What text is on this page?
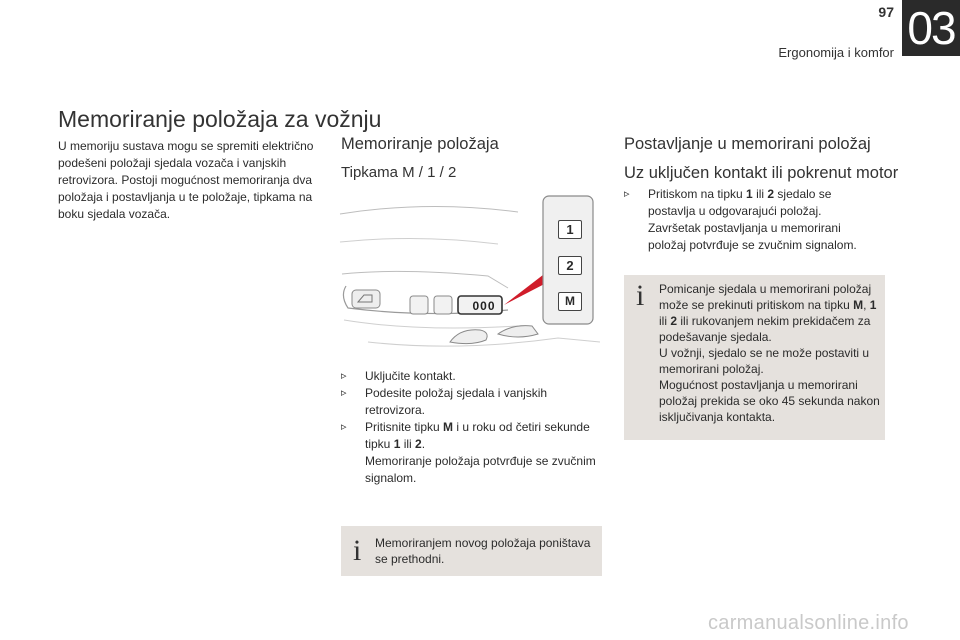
97
Ergonomija i komfor 03
Memoriranje položaja za vožnju
U memoriju sustava mogu se spremiti električno podešeni položaji sjedala vozača i vanjskih retrovizora. Postoji mogućnost memoriranja dva položaja i postavljanja u te položaje, tipkama na boku sjedala vozača.
Memoriranje položaja
Tipkama M / 1 / 2
000
1
2
M
▹ Uključite kontakt.
▹ Podesite položaj sjedala i vanjskih retrovizora.
▹ Pritisnite tipku M i u roku od četiri sekunde tipku 1 ili 2.
Memoriranje položaja potvrđuje se zvučnim signalom.
i Memoriranjem novog položaja poništava se prethodni.
Postavljanje u memorirani položaj
Uz uključen kontakt ili pokrenut motor
▹ Pritiskom na tipku 1 ili 2 sjedalo se postavlja u odgovarajući položaj.
Završetak postavljanja u memorirani položaj potvrđuje se zvučnim signalom.
i Pomicanje sjedala u memorirani položaj može se prekinuti pritiskom na tipku M, 1 ili 2 ili rukovanjem nekim prekidačem za podešavanje sjedala.
U vožnji, sjedalo se ne može postaviti u memorirani položaj.
Mogućnost postavljanja u memorirani položaj prekida se oko 45 sekunda nakon isključivanja kontakta.
carmanualsonline.info
